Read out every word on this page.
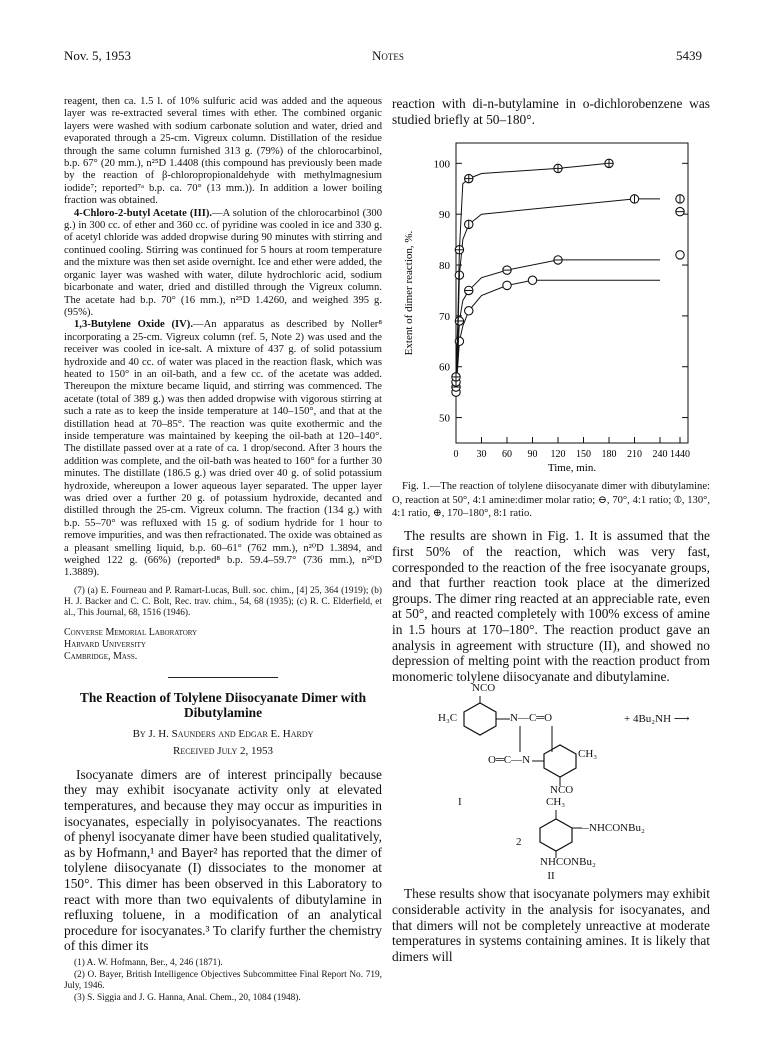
Nov. 5, 1953	Notes	5439

reagent, then ca. 1.5 l. of 10% sulfuric acid was added and the aqueous layer was re-extracted several times with ether. The combined organic layers were washed with sodium carbonate solution and water, dried and evaporated through a 25-cm. Vigreux column. Distillation of the residue through the same column furnished 313 g. (79%) of the chlorocarbinol, b.p. 67° (20 mm.), n²⁵D 1.4408 (this compound has previously been made by the reaction of β-chloropropionaldehyde with methylmagnesium iodide⁷; reported⁷ᵃ b.p. ca. 70° (13 mm.)). In addition a lower boiling fraction was obtained.

4-Chloro-2-butyl Acetate (III).—A solution of the chlorocarbinol (300 g.) in 300 cc. of ether and 360 cc. of pyridine was cooled in ice and 330 g. of acetyl chloride was added dropwise during 90 minutes with stirring and continued cooling. Stirring was continued for 5 hours at room temperature and the mixture was then set aside overnight. Ice and ether were added, the organic layer was washed with water, dilute hydrochloric acid, sodium bicarbonate and water, dried and distilled through the Vigreux column. The acetate had b.p. 70° (16 mm.), n²⁵D 1.4260, and weighed 395 g. (95%).

1,3-Butylene Oxide (IV).—An apparatus as described by Noller⁸ incorporating a 25-cm. Vigreux column (ref. 5, Note 2) was used and the receiver was cooled in ice-salt. A mixture of 437 g. of solid potassium hydroxide and 40 cc. of water was placed in the reaction flask, which was heated to 150° in an oil-bath, and a few cc. of the acetate was added. Thereupon the mixture became liquid, and stirring was commenced. The acetate (total of 389 g.) was then added dropwise with vigorous stirring at such a rate as to keep the inside temperature at 140–150°, and that at the distillation head at 70–85°. The reaction was quite exothermic and the inside temperature was maintained by keeping the oil-bath at 120–140°. The distillate passed over at a rate of ca. 1 drop/second. After 3 hours the addition was complete, and the oil-bath was heated to 160° for a further 30 minutes. The distillate (186.5 g.) was dried over 40 g. of solid potassium hydroxide, whereupon a lower aqueous layer separated. The upper layer was dried over a further 20 g. of potassium hydroxide, decanted and distilled through the 25-cm. Vigreux column. The fraction (134 g.) with b.p. 55–70° was refluxed with 15 g. of sodium hydride for 1 hour to remove impurities, and was then refractionated. The oxide was obtained as a pleasant smelling liquid, b.p. 60–61° (762 mm.), n²⁰D 1.3894, and weighed 122 g. (66%) (reported⁸ b.p. 59.4–59.7° (736 mm.), n²⁰D 1.3889).

(7) (a) E. Fourneau and P. Ramart-Lucas, Bull. soc. chim., [4] 25, 364 (1919); (b) H. J. Backer and C. C. Bolt, Rec. trav. chim., 54, 68 (1935); (c) R. C. Elderfield, et al., This Journal, 68, 1516 (1946).

Converse Memorial Laboratory
Harvard University
Cambridge, Mass.
The Reaction of Tolylene Diisocyanate Dimer with Dibutylamine
By J. H. Saunders and Edgar E. Hardy
Received July 2, 1953

Isocyanate dimers are of interest principally because they may exhibit isocyanate activity only at elevated temperatures, and because they may occur as impurities in isocyanates, especially in polyisocyanates. The reactions of phenyl isocyanate dimer have been studied qualitatively, as by Hofmann,¹ and Bayer² has reported that the dimer of tolylene diisocyanate (I) dissociates to the monomer at 150°. This dimer has been observed in this Laboratory to react with more than two equivalents of dibutylamine in refluxing toluene, in a modification of an analytical procedure for isocyanates.³ To clarify further the chemistry of this dimer its

(1) A. W. Hofmann, Ber., 4, 246 (1871).

(2) O. Bayer, British Intelligence Objectives Subcommittee Final Report No. 719, July, 1946.

(3) S. Siggia and J. G. Hanna, Anal. Chem., 20, 1084 (1948).

reaction with di-n-butylamine in o-dichlorobenzene was studied briefly at 50–180°.
50
60
70
80
90
100
0 30 60 90 120 150 180 210 240 1440
Time, min.
Extent of dimer reaction, %.

Fig. 1.—The reaction of tolylene diisocyanate dimer with dibutylamine: O, reaction at 50°, 4:1 amine:dimer molar ratio; ⊖, 70°, 4:1 ratio; ⦶, 130°, 4:1 ratio, ⊕, 170–180°, 8:1 ratio.

The results are shown in Fig. 1. It is assumed that the first 50% of the reaction, which was very fast, corresponded to the reaction of the free isocyanate groups, and that further reaction took place at the dimerized groups. The dimer ring reacted at an appreciable rate, even at 50°, and reacted completely with 100% excess of amine in 1.5 hours at 170–180°. The reaction product gave an analysis in agreement with structure (II), and showed no depression of melting point with the reaction product from monomeric tolylene diisocyanate and dibutylamine.

NCO
H₃C	N—C═O	+ 4Bu₂NH ⟶
O═C—N	CH₃
NCO
I	CH₃
—NHCONBu₂
2
NHCONBu₂
II

These results show that isocyanate polymers may exhibit considerable activity in the analysis for isocyanates, and that dimers will not be completely unreactive at moderate temperatures in systems containing amines. It is likely that dimers will
